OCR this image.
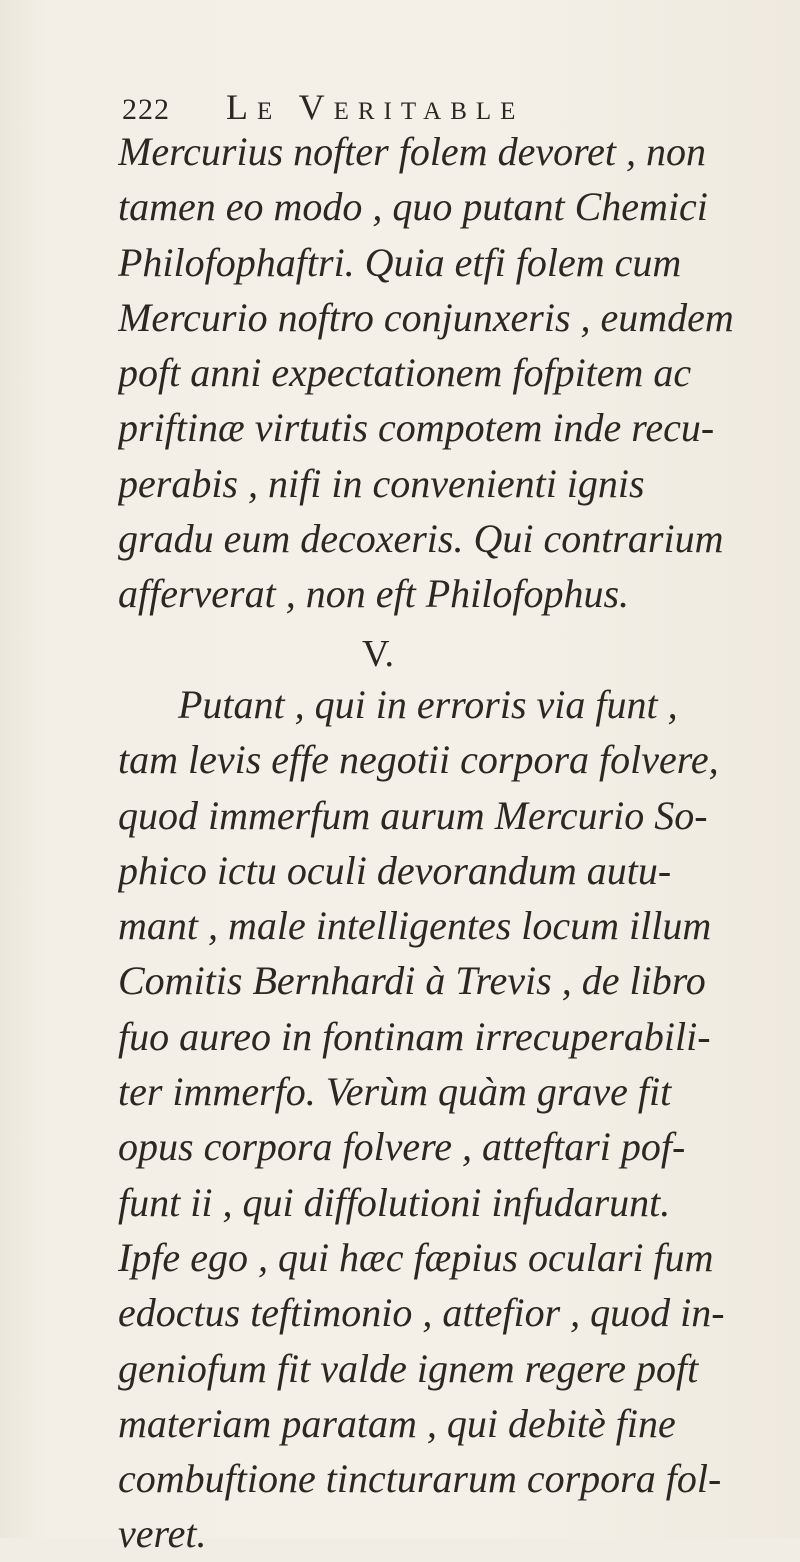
222 Le Veritable
Mercurius nofter folem devoret , non
tamen eo modo , quo putant Chemici
Philofophaftri. Quia etfi folem cum
Mercurio noftro conjunxeris , eumdem
poft anni expectationem fofpitem ac
priftinæ virtutis compotem inde recu-
perabis , nifi in convenienti ignis
gradu eum decoxeris. Qui contrarium
afferverat , non eft Philofophus.
V.
Putant , qui in erroris via funt ,
tam levis effe negotii corpora folvere,
quod immerfum aurum Mercurio So-
phico ictu oculi devorandum autu-
mant , male intelligentes locum illum
Comitis Bernhardi à Trevis , de libro
fuo aureo in fontinam irrecuperabili-
ter immerfo. Verùm quàm grave fit
opus corpora folvere , atteftari pof-
funt ii , qui diffolutioni infudarunt.
Ipfe ego , qui hæc fæpius oculari fum
edoctus teftimonio , attefior , quod in-
geniofum fit valde ignem regere poft
materiam paratam , qui debitè fine
combuftione tincturarum corpora fol-
veret.
